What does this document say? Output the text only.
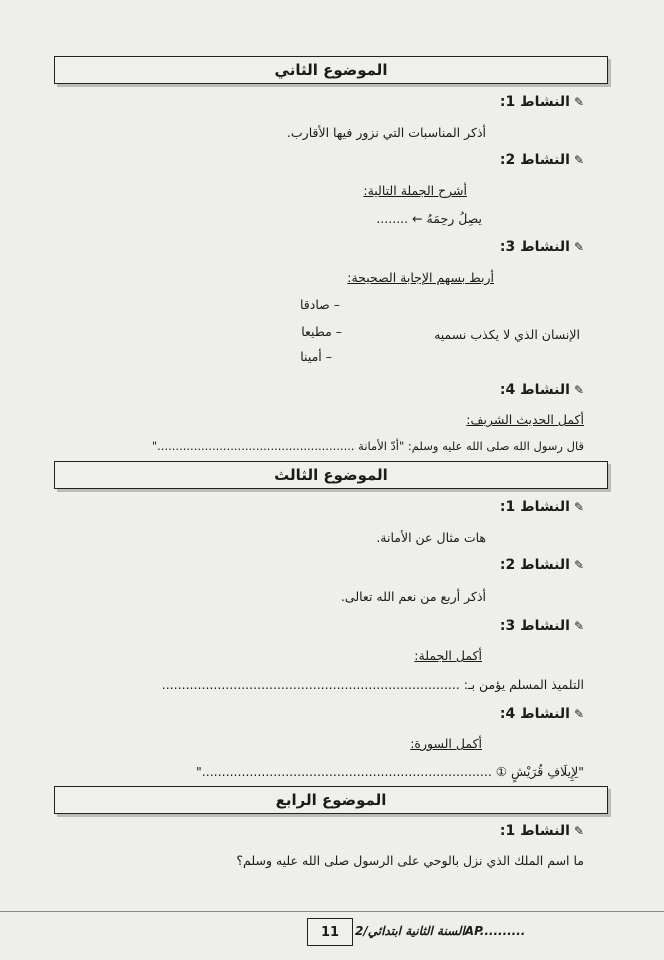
الموضوع الثاني
✎
النشاط 1:
أذكر المناسبات التي نزور فيها الأقارب.
✎
النشاط 2:
أشرح الجملة التالية:
يصِلُ رحِمَهُ ← ........
✎
النشاط 3:
أربط بسهم الإجابة الصحيحة:
– صادقا
– مطيعا
– أمينا
الإنسان الذي لا يكذب نسميه
✎
النشاط 4:
أكمل الحديث الشريف:
قال رسول الله صلى الله عليه وسلم: "أدّ الأمانة ......................................................"
الموضوع الثالث
✎
النشاط 1:
هات مثال عن الأمانة.
✎
النشاط 2:
أذكر أربع من نعم الله تعالى.
✎
النشاط 3:
أكمل الجملة:
التلميذ المسلم يؤمن بـ: ...........................................................................
✎
النشاط 4:
أكمل السورة:
"لِإِيلَافِ قُرَيْشٍ ① ........................................................................."
الموضوع الرابع
✎
النشاط 1:
ما اسم الملك الذي نزل بالوحي على الرسول صلى الله عليه وسلم؟
11 السنة الثانية ابتدائي/2AP..........
